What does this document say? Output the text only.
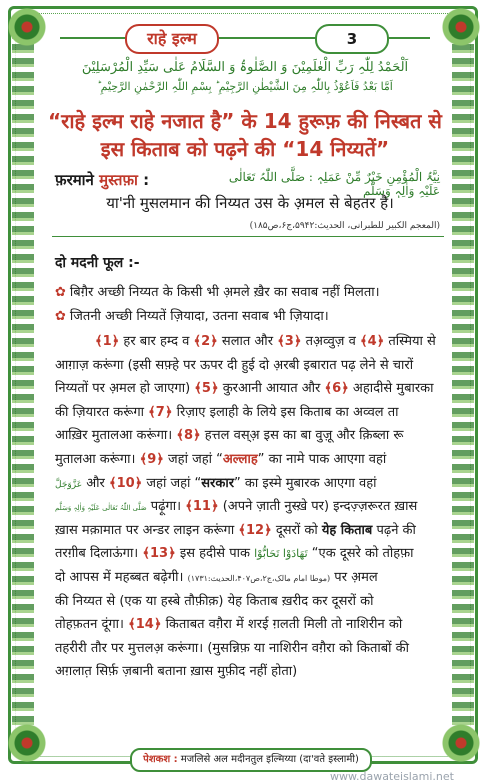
राहे इल्म	3
اَلْحَمْدُ لِلّٰہِ رَبِّ الْعٰلَمِیْنَ وَ الصَّلٰوۃُ وَ السَّلَامُ عَلٰی سَیِّدِ الْمُرْسَلِیْنَ
اَمَّا بَعْدُ فَاَعُوْذُ بِاللّٰہِ مِنَ الشَّیْطٰنِ الرَّجِیْمِ ؕ بِسْمِ اللّٰہِ الرَّحْمٰنِ الرَّحِیْمِ ؕ
“राहे इल्म राहे नजात है” के 14 हुरूफ़ की निस्बत से
इस किताब को पढ़ने की “14 निय्यतें”
फ़रमाने मुस्तफ़ा :	نِیَّۃُ الْمُؤْمِنِ خَیْرٌ مِّنْ عَمَلِہٖ : صَلَّی اللّٰہُ تَعَالٰی عَلَیْہِ وَاٰلِہٖ وَسَلَّم
या'नी मुसलमान की निय्यत उस के अ़मल से बेहतर है।
(المعجم الکبیر للطبرانی، الحدیث:۵۹۴۲،ج۶،ص۱۸۵)
दो मदनी फूल :-
✿ बिग़ैर अच्छी निय्यत के किसी भी अ़मले ख़ैर का सवाब नहीं मिलता।
✿ जितनी अच्छी निय्यतें ज़ियादा, उतना सवाब भी ज़ियादा।
﴾1﴿ हर बार हम्द व ﴾2﴿ सलात और ﴾3﴿ तअ़व्वुज़ व ﴾4﴿ तस्मिया से
आग़ाज़ करूंगा (इसी सफ़्हे पर ऊपर दी हुई दो अ़रबी इबारात पढ़ लेने से चारों
निय्यतों पर अ़मल हो जाएगा) ﴾5﴿ कुरआनी आयात और ﴾6﴿ अहादीसे मुबारका
की ज़ियारत करूंगा ﴾7﴿ रिज़ाए इलाही के लिये इस किताब का अव्वल ता
आख़िर मुतालआ करूंगा। ﴾8﴿ हत्तल वस्अ़ इस का बा वुज़ू और क़िब्ला रू
मुतालआ करूंगा। ﴾9﴿ जहां जहां “अल्लाह” का नामे पाक आएगा वहां
عَزَّوَجَلَّ और ﴾10﴿ जहां जहां “सरकार” का इस्मे मुबारक आएगा वहां
صَلَّی اللّٰہُ تَعَالٰی عَلَیْہِ وَاٰلِہٖ وَسَلَّم पढ़ूंगा। ﴾11﴿ (अपने ज़ाती नुस्खे़ पर) इन्दज़्ज़रूरत ख़ास
ख़ास मक़ामात पर अन्डर लाइन करूंगा ﴾12﴿ दूसरों को येह किताब पढ़ने की
तरग़ीब दिलाऊंगा। ﴾13﴿ इस हदीसे पाक تَهَادَوْا تَحَابُّوْا “एक दूसरे को तोहफ़ा
दो आपस में महब्बत बढ़ेगी। (موطا امام مالک،ج۲،ص۴۰۷،الحدیث:۱۷۳۱) पर अ़मल
की निय्यत से (एक या हस्बे तौफ़ीक़) येह किताब ख़रीद कर दूसरों को
तोहफ़तन दूंगा। ﴾14﴿ किताबत वग़ैरा में शरई ग़लती मिली तो नाशिरीन को
तहरीरी तौर पर मुत्तलअ़ करूंगा। (मुसन्निफ़ या नाशिरीन वग़ैरा को किताबों की
अग़लात़ सिर्फ़ ज़बानी बताना ख़ास मुफ़ीद नहीं होता)
पेशकश : मजलिसे अल मदीनतुल इल्मिय्या (दा'वते इस्लामी)
www.dawateislami.net
